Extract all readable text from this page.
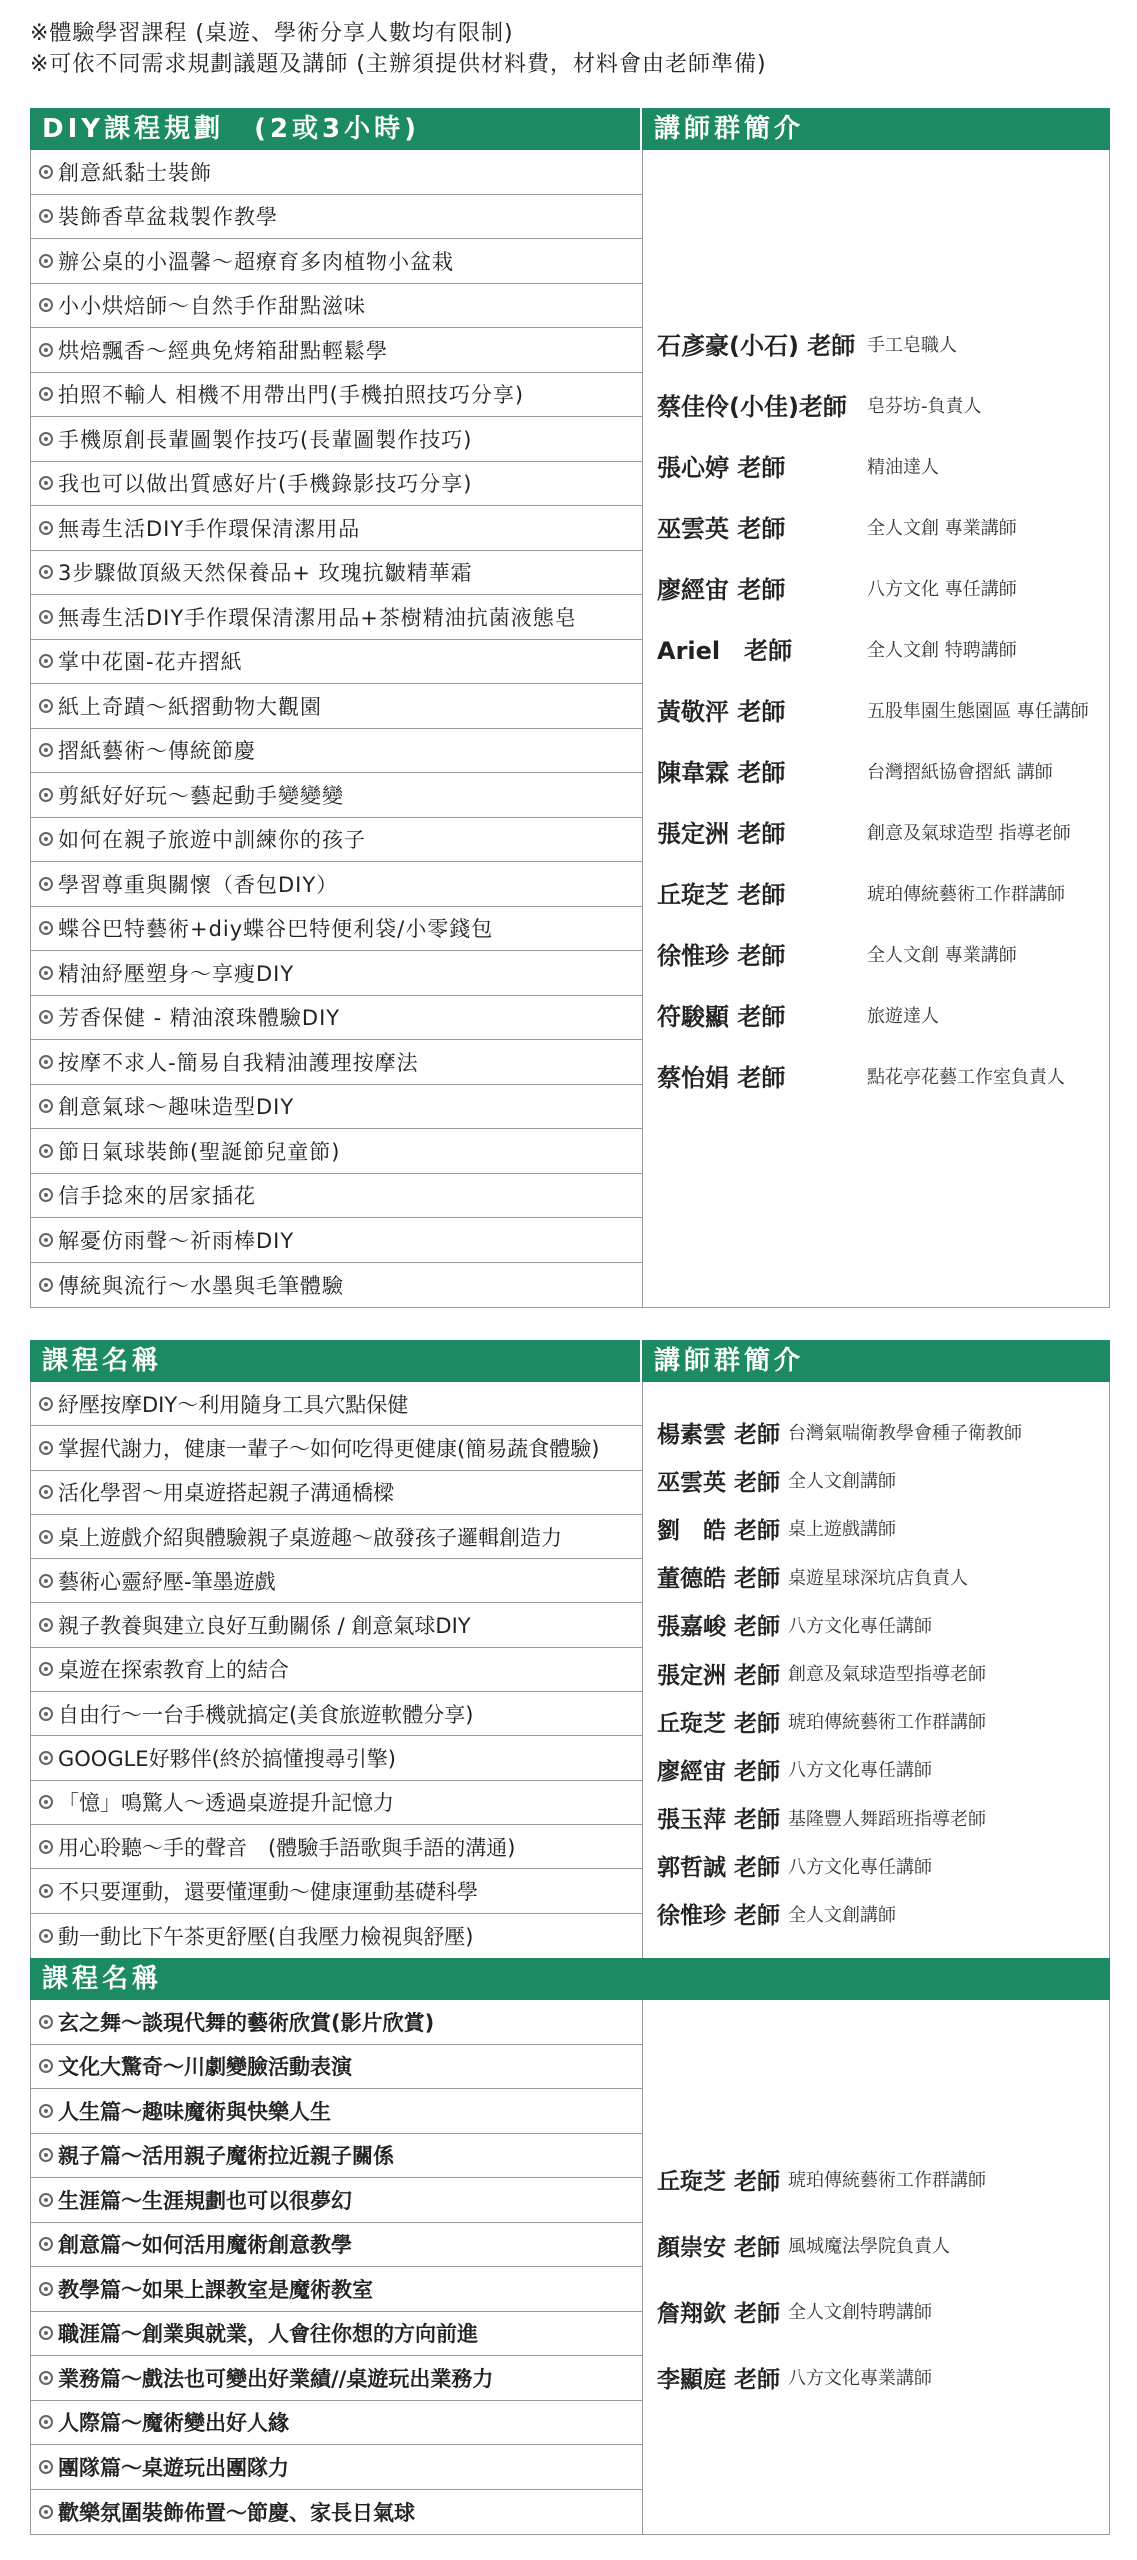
※體驗學習課程 (桌遊、學術分享人數均有限制)
※可依不同需求規劃議題及講師 (主辦須提供材料費，材料會由老師準備)
DIY課程規劃　(2或3小時)	講師群簡介
創意紙黏士裝飾
裝飾香草盆栽製作教學
辦公桌的小溫馨～超療育多肉植物小盆栽
小小烘焙師～自然手作甜點滋味
烘焙飄香～經典免烤箱甜點輕鬆學
拍照不輸人 相機不用帶出門(手機拍照技巧分享)
手機原創長輩圖製作技巧(長輩圖製作技巧)
我也可以做出質感好片(手機錄影技巧分享)
無毒生活DIY手作環保清潔用品
3步驟做頂級天然保養品+ 玫瑰抗皺精華霜
無毒生活DIY手作環保清潔用品+茶樹精油抗菌液態皂
掌中花園-花卉摺紙
紙上奇蹟～紙摺動物大觀園
摺紙藝術～傳統節慶
剪紙好好玩～藝起動手變變變
如何在親子旅遊中訓練你的孩子
學習尊重與關懷（香包DIY）
蝶谷巴特藝術+diy蝶谷巴特便利袋/小零錢包
精油紓壓塑身～享瘦DIY
芳香保健 - 精油滾珠體驗DIY
按摩不求人-簡易自我精油護理按摩法
創意氣球～趣味造型DIY
節日氣球裝飾(聖誕節兒童節)
信手捻來的居家插花
解憂仿雨聲～祈雨棒DIY
傳統與流行～水墨與毛筆體驗
石彥豪(小石) 老師 手工皂職人
蔡佳伶(小佳)老師	皂芬坊-負責人
張心婷 老師	精油達人
巫雲英 老師	全人文創 專業講師
廖經宙 老師	八方文化 專任講師
Ariel　老師	全人文創 特聘講師
黃敬泙 老師	五股隼園生態園區 專任講師
陳韋霖 老師	台灣摺紙協會摺紙 講師
張定洲 老師	創意及氣球造型 指導老師
丘琁芝 老師	琥珀傳統藝術工作群講師
徐惟珍 老師	全人文創 專業講師
符駿顯 老師	旅遊達人
蔡怡娟 老師	點花亭花藝工作室負責人
課程名稱	講師群簡介
紓壓按摩DIY～利用隨身工具穴點保健
掌握代謝力，健康一輩子～如何吃得更健康(簡易蔬食體驗)
活化學習～用桌遊搭起親子溝通橋樑
桌上遊戲介紹與體驗親子桌遊趣～啟發孩子邏輯創造力
藝術心靈紓壓-筆墨遊戲
親子教養與建立良好互動關係 / 創意氣球DIY
桌遊在探索教育上的結合
自由行～一台手機就搞定(美食旅遊軟體分享)
GOOGLE好夥伴(終於搞懂搜尋引擎)
「憶」鳴驚人～透過桌遊提升記憶力
用心聆聽～手的聲音　(體驗手語歌與手語的溝通)
不只要運動，還要懂運動～健康運動基礎科學
動一動比下午茶更舒壓(自我壓力檢視與舒壓)
楊素雲 老師 台灣氣喘衛教學會種子衛教師
巫雲英 老師 全人文創講師
劉　皓 老師 桌上遊戲講師
董德皓 老師 桌遊星球深坑店負責人
張嘉峻 老師 八方文化專任講師
張定洲 老師 創意及氣球造型指導老師
丘琁芝 老師 琥珀傳統藝術工作群講師
廖經宙 老師 八方文化專任講師
張玉萍 老師 基隆豐人舞蹈班指導老師
郭哲誠 老師 八方文化專任講師
徐惟珍 老師 全人文創講師
課程名稱
玄之舞～談現代舞的藝術欣賞(影片欣賞)
文化大驚奇～川劇變臉活動表演
人生篇～趣味魔術與快樂人生
親子篇～活用親子魔術拉近親子關係
生涯篇～生涯規劃也可以很夢幻
創意篇～如何活用魔術創意教學
教學篇～如果上課教室是魔術教室
職涯篇～創業與就業，人會往你想的方向前進
業務篇～戲法也可變出好業績//桌遊玩出業務力
人際篇～魔術變出好人緣
團隊篇～桌遊玩出團隊力
歡樂氛圍裝飾佈置～節慶、家長日氣球
丘琁芝 老師 琥珀傳統藝術工作群講師
顏崇安 老師 風城魔法學院負責人
詹翔欽 老師 全人文創特聘講師
李顯庭 老師 八方文化專業講師
